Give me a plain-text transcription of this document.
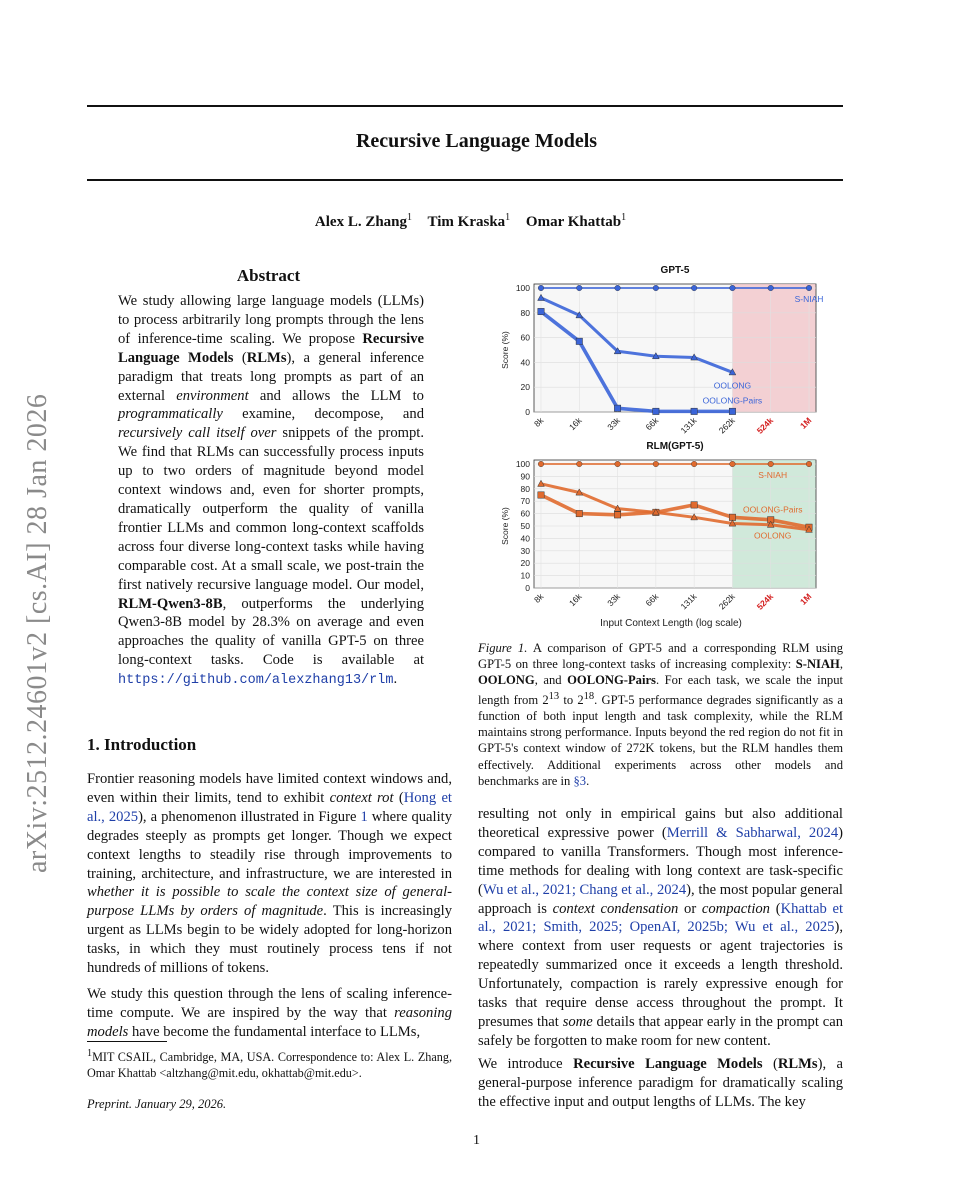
Recursive Language Models
Alex L. Zhang$^1$ Tim Kraska$^1$ Omar Khattab$^1$
arXiv:2512.24601v2 [cs.AI] 28 Jan 2026
Abstract

We study allowing large language models (LLMs) to process arbitrarily long prompts through the lens of inference-time scaling. We propose Recursive Language Models (RLMs), a general inference paradigm that treats long prompts as part of an external environment and allows the LLM to programmatically examine, decompose, and recursively call itself over snippets of the prompt. We find that RLMs can successfully process inputs up to two orders of magnitude beyond model context windows and, even for shorter prompts, dramatically outperform the quality of vanilla frontier LLMs and common long-context scaffolds across four diverse long-context tasks while having comparable cost. At a small scale, we post-train the first natively recursive language model. Our model, RLM-Qwen3-8B, outperforms the underlying Qwen3-8B model by 28.3% on average and even approaches the quality of vanilla GPT-5 on three long-context tasks. Code is available at https://github.com/alexzhang13/rlm.

1. Introduction

Frontier reasoning models have limited context windows and, even within their limits, tend to exhibit context rot (Hong et al., 2025), a phenomenon illustrated in Figure 1 where quality degrades steeply as prompts get longer. Though we expect context lengths to steadily rise through improvements to training, architecture, and infrastructure, we are interested in whether it is possible to scale the context size of general-purpose LLMs by orders of magnitude. This is increasingly urgent as LLMs begin to be widely adopted for long-horizon tasks, in which they must routinely process tens if not hundreds of millions of tokens.

We study this question through the lens of scaling inference-time compute. We are inspired by the way that reasoning models have become the fundamental interface to LLMs,

$^1$MIT CSAIL, Cambridge, MA, USA. Correspondence to: Alex L. Zhang, Omar Khattab <altzhang@mit.edu, okhattab@mit.edu>.
Preprint. January 29, 2026.
0
20
40
60
80
100
8k	16k	33k	66k 131k 262k 524k	1M
GPT-5
Score (%)
S-NIAH
OOLONG
OOLONG-Pairs
0
10
20
30
40
50
60
70
80
90
100
8k	16k	33k	66k 131k 262k 524k	1M
RLM(GPT-5)
Score (%)
S-NIAH
OOLONG-Pairs
OOLONG
Input Context Length (log scale)

Figure 1. A comparison of GPT-5 and a corresponding RLM using GPT-5 on three long-context tasks of increasing complexity: S-NIAH, OOLONG, and OOLONG-Pairs. For each task, we scale the input length from $2^{13}$ to $2^{18}$. GPT-5 performance degrades significantly as a function of both input length and task complexity, while the RLM maintains strong performance. Inputs beyond the red region do not fit in GPT-5's context window of 272K tokens, but the RLM handles them effectively. Additional experiments across other models and benchmarks are in §3.

resulting not only in empirical gains but also additional theoretical expressive power (Merrill & Sabharwal, 2024) compared to vanilla Transformers. Though most inference-time methods for dealing with long context are task-specific (Wu et al., 2021; Chang et al., 2024), the most popular general approach is context condensation or compaction (Khattab et al., 2021; Smith, 2025; OpenAI, 2025b; Wu et al., 2025), where context from user requests or agent trajectories is repeatedly summarized once it exceeds a length threshold. Unfortunately, compaction is rarely expressive enough for tasks that require dense access throughout the prompt. It presumes that some details that appear early in the prompt can safely be forgotten to make room for new content.

We introduce Recursive Language Models (RLMs), a general-purpose inference paradigm for dramatically scaling the effective input and output lengths of LLMs. The key

1
